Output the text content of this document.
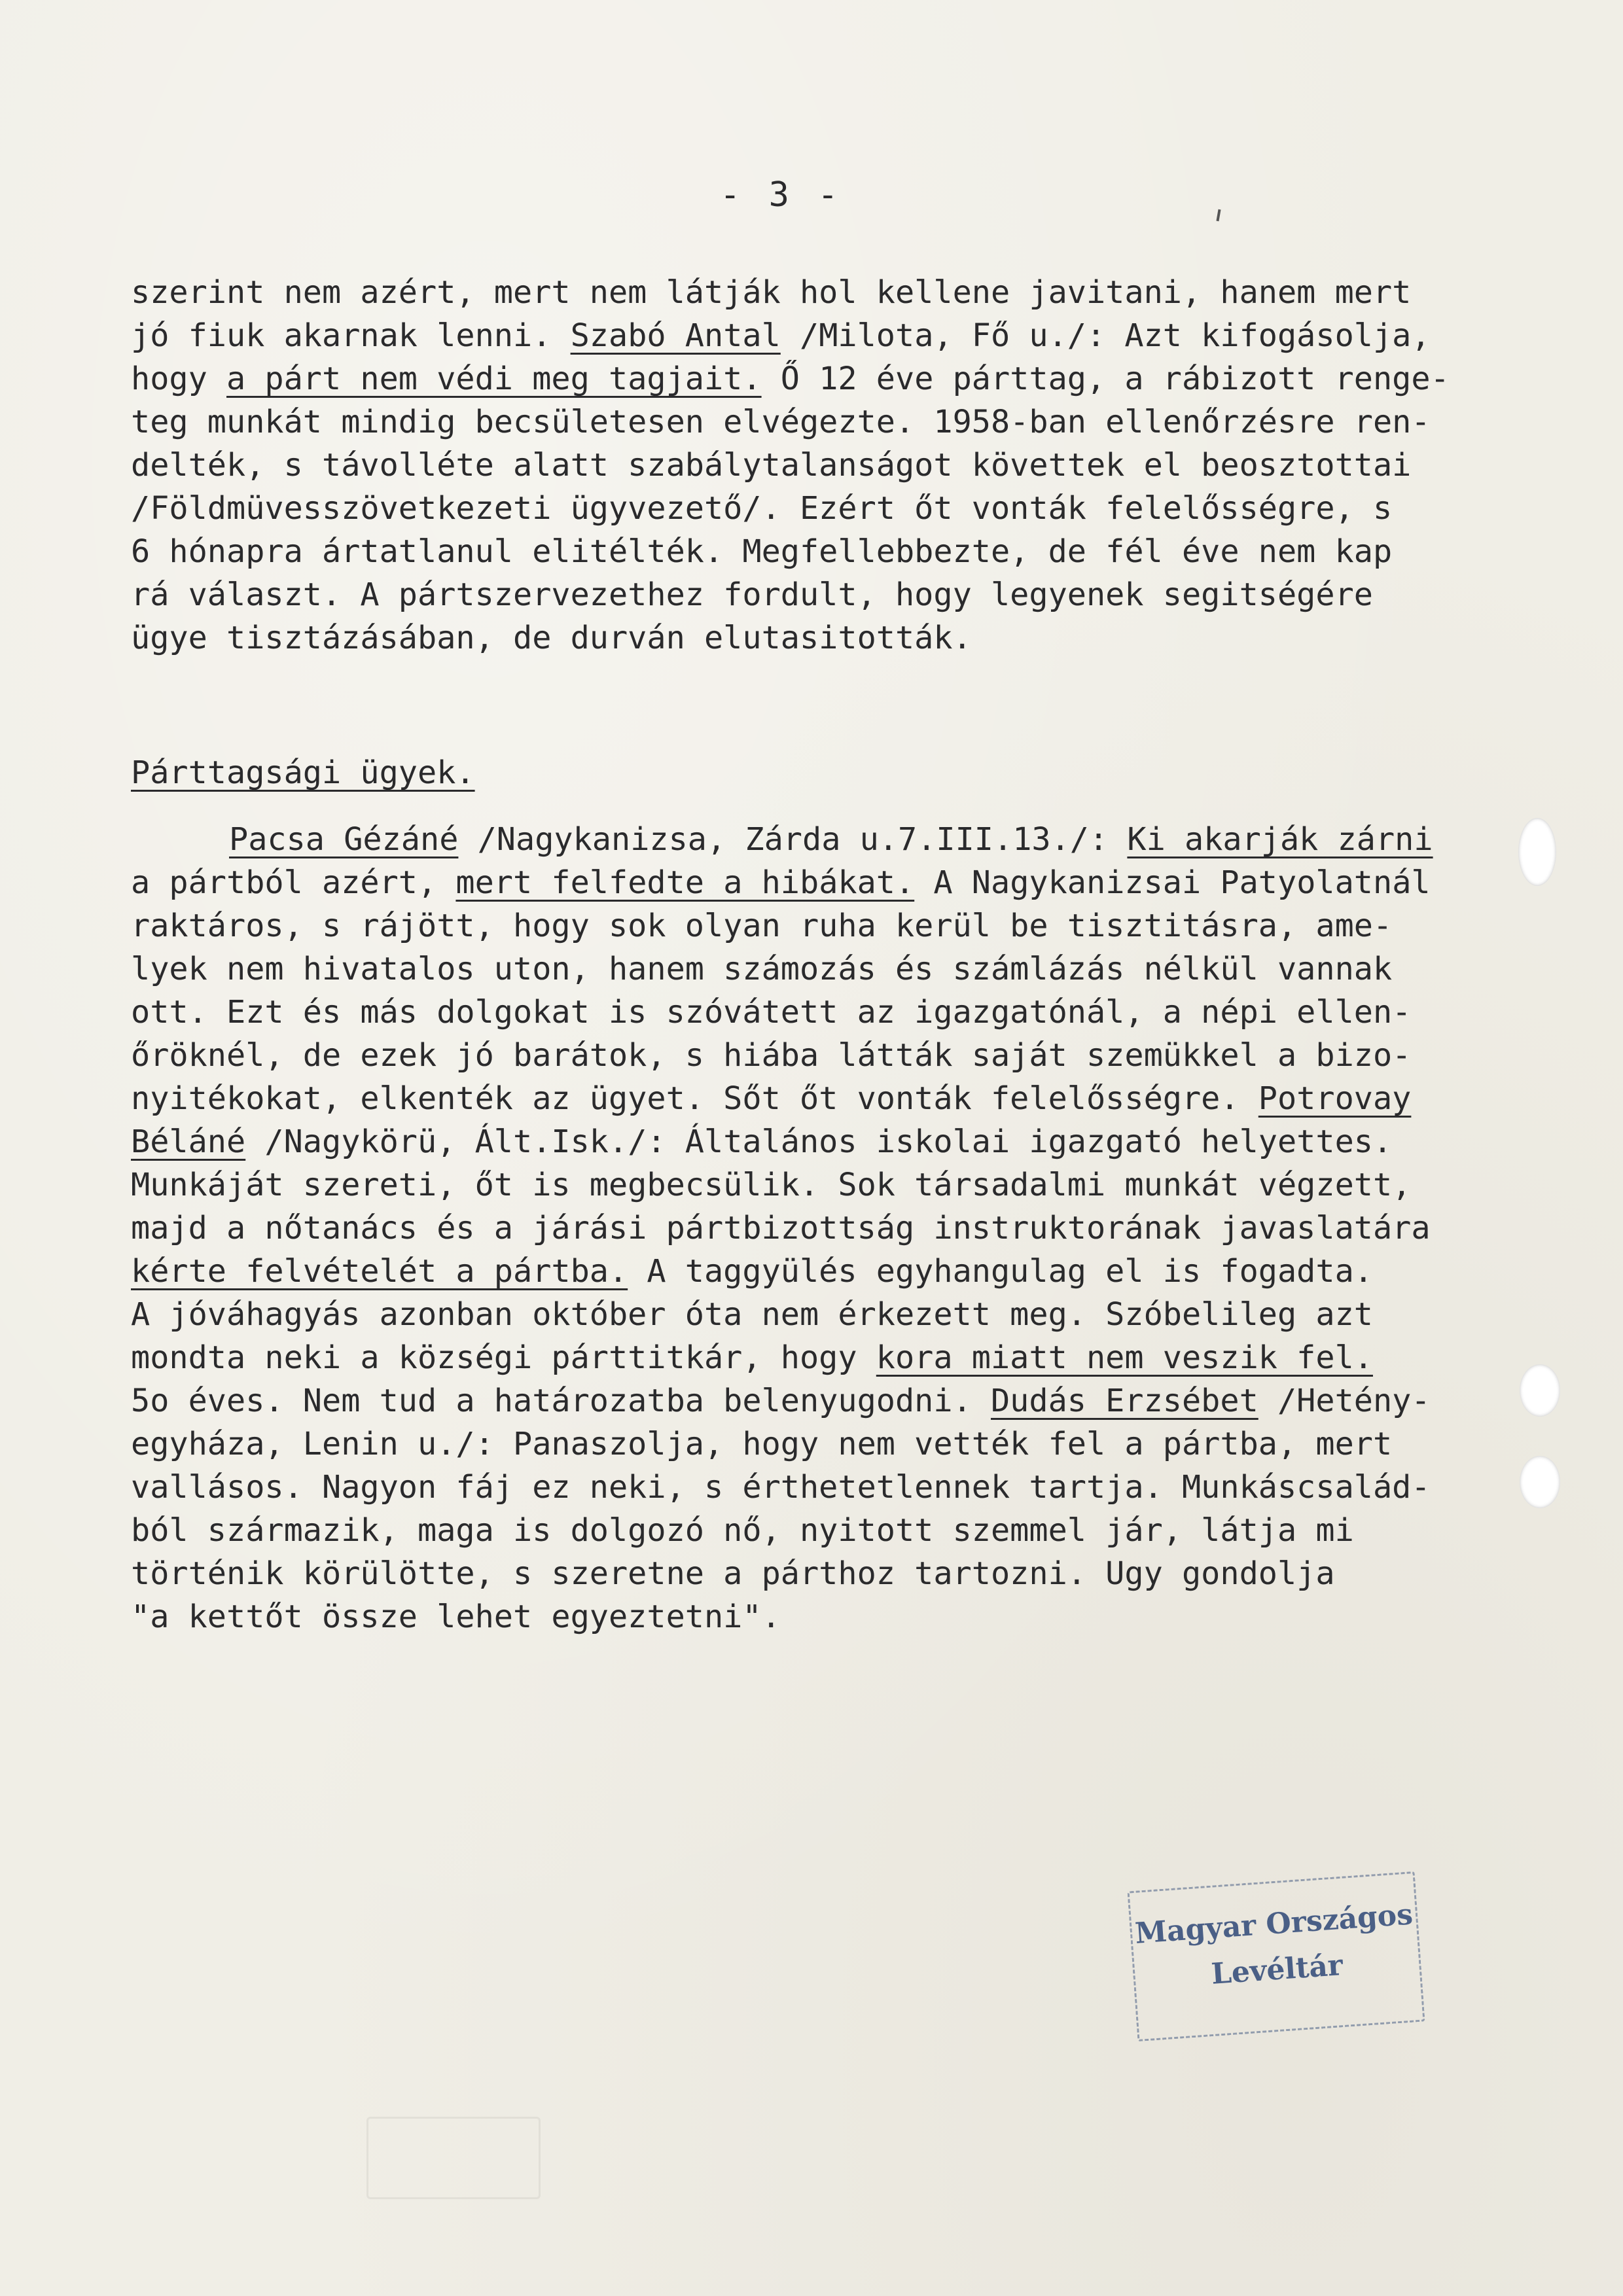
- 3 -
szerint nem azért, mert nem látják hol kellene javitani, hanem mert
jó fiuk akarnak lenni. Szabó Antal /Milota, Fő u./: Azt kifogásolja,
hogy a párt nem védi meg tagjait. Ő 12 éve párttag, a rábizott renge-
teg munkát mindig becsületesen elvégezte. 1958-ban ellenőrzésre ren-
delték, s távolléte alatt szabálytalanságot követtek el beosztottai
/Földmüvesszövetkezeti ügyvezető/. Ezért őt vonták felelősségre, s
6 hónapra ártatlanul elitélték. Megfellebbezte, de fél éve nem kap
rá választ. A pártszervezethez fordult, hogy legyenek segitségére
ügye tisztázásában, de durván elutasitották.
Párttagsági ügyek.
Pacsa Gézáné /Nagykanizsa, Zárda u.7.III.13./: Ki akarják zárni
a pártból azért, mert felfedte a hibákat. A Nagykanizsai Patyolatnál
raktáros, s rájött, hogy sok olyan ruha kerül be tisztitásra, ame-
lyek nem hivatalos uton, hanem számozás és számlázás nélkül vannak
ott. Ezt és más dolgokat is szóvátett az igazgatónál, a népi ellen-
őröknél, de ezek jó barátok, s hiába látták saját szemükkel a bizo-
nyitékokat, elkenték az ügyet. Sőt őt vonták felelősségre. Potrovay
Béláné /Nagykörü, Ált.Isk./: Általános iskolai igazgató helyettes.
Munkáját szereti, őt is megbecsülik. Sok társadalmi munkát végzett,
majd a nőtanács és a járási pártbizottság instruktorának javaslatára
kérte felvételét a pártba. A taggyülés egyhangulag el is fogadta.
A jóváhagyás azonban október óta nem érkezett meg. Szóbelileg azt
mondta neki a községi párttitkár, hogy kora miatt nem veszik fel.
5o éves. Nem tud a határozatba belenyugodni. Dudás Erzsébet /Hetény-
egyháza, Lenin u./: Panaszolja, hogy nem vették fel a pártba, mert
vallásos. Nagyon fáj ez neki, s érthetetlennek tartja. Munkáscsalád-
ból származik, maga is dolgozó nő, nyitott szemmel jár, látja mi
történik körülötte, s szeretne a párthoz tartozni. Ugy gondolja
"a kettőt össze lehet egyeztetni".
Magyar Országos
Levéltár
